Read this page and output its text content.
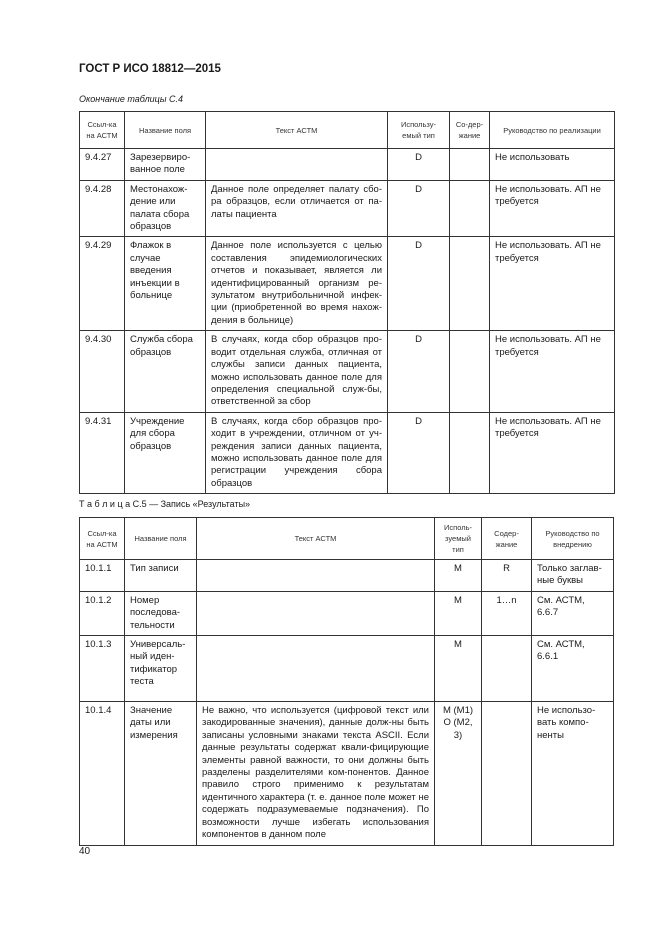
ГОСТ Р ИСО 18812—2015
Окончание таблицы С.4
Ссыл-ка на АСТМ	Название поля	Текст АСТМ	Использу-емый тип	Со-дер-жание	Руководство по реализации
9.4.27	Зарезервиро-ванное поле		D		Не использовать
9.4.28	Местонахож-дение или палата сбора образцов	Данное поле определяет палату сбо-ра образцов, если отличается от па-латы пациента	D		Не использовать. АП не требуется
9.4.29	Флажок в случае введения инъекции в больнице	Данное поле используется с целью составления эпидемиологических отчетов и показывает, является ли идентифицированный организм ре-зультатом внутрибольничной инфек-ции (приобретенной во время нахож-дения в больнице)	D		Не использовать. АП не требуется
9.4.30	Служба сбора образцов	В случаях, когда сбор образцов про-водит отдельная служба, отличная от службы записи данных пациента, можно использовать данное поле для определения специальной служ-бы, ответственной за сбор	D		Не использовать. АП не требуется
9.4.31	Учреждение для сбора образцов	В случаях, когда сбор образцов про-ходит в учреждении, отличном от уч-реждения записи данных пациента, можно использовать данное поле для регистрации учреждения сбора образцов	D		Не использовать. АП не требуется
Т а б л и ц а С.5 — Запись «Результаты»
Ссыл-ка на АСТМ	Название поля	Текст АСТМ	Исполь-зуемый тип	Содер-жание	Руководство по внедрению
10.1.1	Тип записи		M	R	Только заглав-ные буквы
10.1.2	Номер последова-тельности		M	1…n	См. АСТМ, 6.6.7
10.1.3	Универсаль-ный иден-тификатор теста		M		См. АСТМ, 6.6.1
10.1.4	Значение даты или измерения	Не важно, что используется (цифровой текст или закодированные значения), данные долж-ны быть записаны условными знаками текста ASCII. Если данные результаты содержат квали-фицирующие элементы равной важности, то они должны быть разделены разделителями ком-понентов. Данное правило строго применимо к результатам идентичного характера (т. е. данное поле может не содержать подразумеваемые подзначения). По возможности лучше избегать использования компонентов в данном поле	M (M1) O (M2, 3)		Не использо-вать компо-ненты
40
